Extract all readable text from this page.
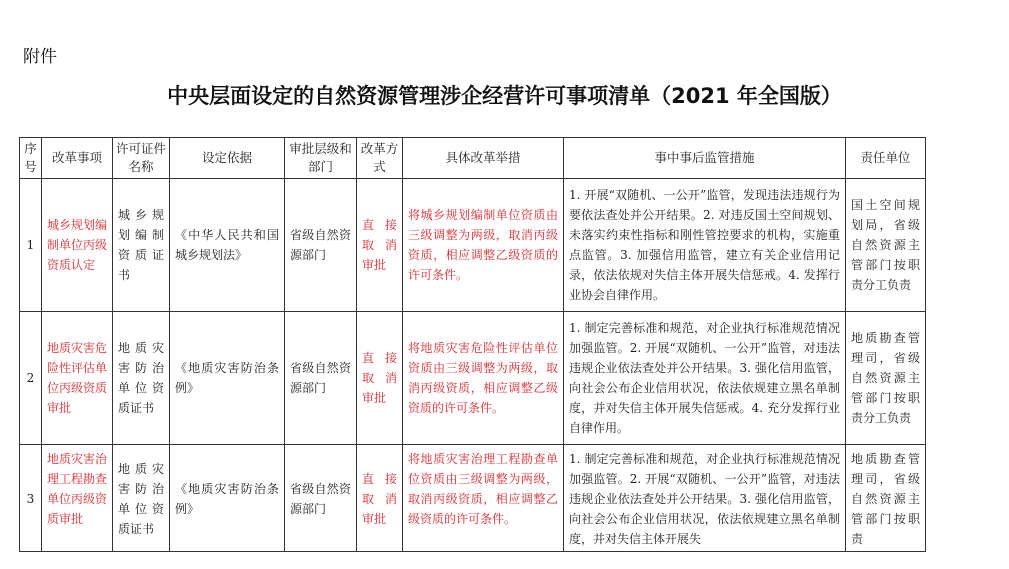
附件
中央层面设定的自然资源管理涉企经营许可事项清单（2021 年全国版）
序号	改革事项	许可证件名称	设定依据	审批层级和部门	改革方式	具体改革举措	事中事后监管措施	责任单位
1	城乡规划编制单位丙级资质认定	城乡规划编制资质证书	《中华人民共和国城乡规划法》	省级自然资源部门	直接取消审批	将城乡规划编制单位资质由三级调整为两级，取消丙级资质，相应调整乙级资质的许可条件。	1. 开展“双随机、一公开”监管，发现违法违规行为要依法查处并公开结果。2. 对违反国土空间规划、未落实约束性指标和刚性管控要求的机构，实施重点监管。3. 加强信用监管，建立有关企业信用记录，依法依规对失信主体开展失信惩戒。4. 发挥行业协会自律作用。	国土空间规划局，省级自然资源主管部门按职责分工负责
2	地质灾害危险性评估单位丙级资质审批	地质灾害防治单位资质证书	《地质灾害防治条例》	省级自然资源部门	直接取消审批	将地质灾害危险性评估单位资质由三级调整为两级，取消丙级资质，相应调整乙级资质的许可条件。	1. 制定完善标准和规范，对企业执行标准规范情况加强监管。2. 开展“双随机、一公开”监管，对违法违规企业依法查处并公开结果。3. 强化信用监管，向社会公布企业信用状况，依法依规建立黑名单制度，并对失信主体开展失信惩戒。4. 充分发挥行业自律作用。	地质勘查管理司，省级自然资源主管部门按职责分工负责
3	地质灾害治理工程勘查单位丙级资质审批	地质灾害防治单位资质证书	《地质灾害防治条例》	省级自然资源部门	直接取消审批	将地质灾害治理工程勘查单位资质由三级调整为两级，取消丙级资质，相应调整乙级资质的许可条件。	1. 制定完善标准和规范，对企业执行标准规范情况加强监管。2. 开展“双随机、一公开”监管，对违法违规企业依法查处并公开结果。3. 强化信用监管，向社会公布企业信用状况，依法依规建立黑名单制度，并对失信主体开展失	地质勘查管理司，省级自然资源主管部门按职责
